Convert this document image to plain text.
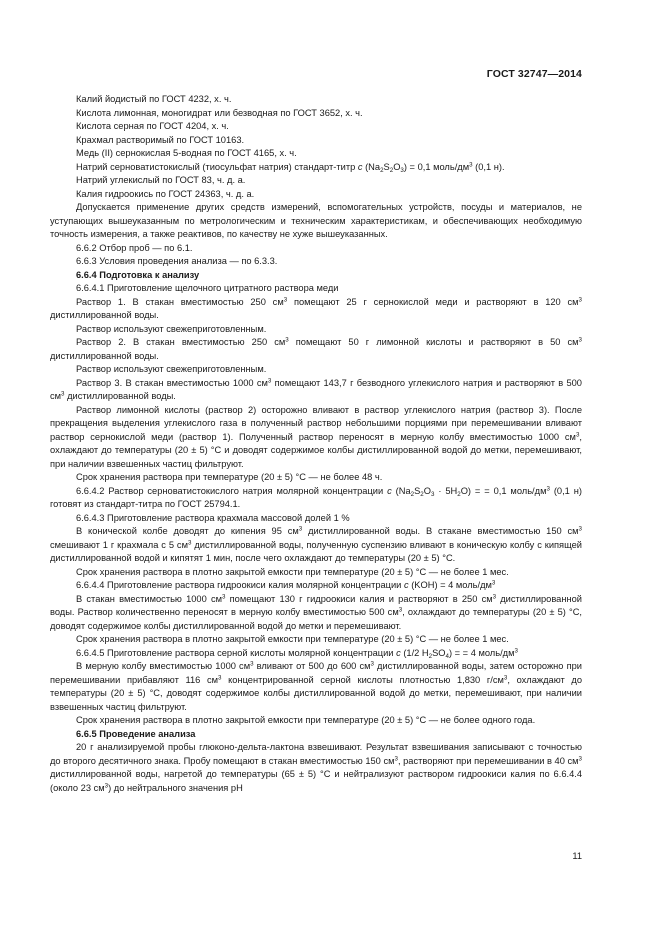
ГОСТ 32747—2014

Калий йодистый по ГОСТ 4232, х. ч.

Кислота лимонная, моногидрат или безводная по ГОСТ 3652, х. ч.

Кислота серная по ГОСТ 4204, х. ч.

Крахмал растворимый по ГОСТ 10163.

Медь (II) сернокислая 5-водная по ГОСТ 4165, х. ч.

Натрий серноватистокислый (тиосульфат натрия) стандарт-титр c $(Na_2S_2O_3) = 0,1$ моль/$дм^3$ (0,1 н).

Натрий углекислый по ГОСТ 83, ч. д. а.

Калия гидроокись по ГОСТ 24363, ч. д. а.

Допускается применение других средств измерений, вспомогательных устройств, посуды и материалов, не уступающих вышеуказанным по метрологическим и техническим характеристикам, и обеспечивающих необходимую точность измерения, а также реактивов, по качеству не хуже вышеуказанных.

6.6.2 Отбор проб — по 6.1.

6.6.3 Условия проведения анализа — по 6.3.3.

6.6.4 Подготовка к анализу

6.6.4.1 Приготовление щелочного цитратного раствора меди

Раствор 1. В стакан вместимостью 250 $см^3$ помещают 25 г сернокислой меди и растворяют в 120 $см^3$ дистиллированной воды.

Раствор используют свежеприготовленным.

Раствор 2. В стакан вместимостью 250 $см^3$ помещают 50 г лимонной кислоты и растворяют в 50 $см^3$ дистиллированной воды.

Раствор используют свежеприготовленным.

Раствор 3. В стакан вместимостью 1000 $см^3$ помещают 143,7 г безводного углекислого натрия и растворяют в 500 $см^3$ дистиллированной воды.

Раствор лимонной кислоты (раствор 2) осторожно вливают в раствор углекислого натрия (раствор 3). После прекращения выделения углекислого газа в полученный раствор небольшими порциями при перемешивании вливают раствор сернокислой меди (раствор 1). Полученный раствор переносят в мерную колбу вместимостью 1000 $см^3$, охлаждают до температуры (20 ± 5) °С и доводят содержимое колбы дистиллированной водой до метки, перемешивают, при наличии взвешенных частиц фильтруют.

Срок хранения раствора при температуре (20 ± 5) °С — не более 48 ч.

6.6.4.2 Раствор серноватистокислого натрия молярной концентрации c $(Na_2S_2O_3 \cdot 5H_2O)$ = = 0,1 моль/$дм^3$ (0,1 н) готовят из стандарт-титра по ГОСТ 25794.1.

6.6.4.3 Приготовление раствора крахмала массовой долей 1 %

В конической колбе доводят до кипения 95 $см^3$ дистиллированной воды. В стакане вместимостью 150 $см^3$ смешивают 1 г крахмала с 5 $см^3$ дистиллированной воды, полученную суспензию вливают в коническую колбу с кипящей дистиллированной водой и кипятят 1 мин, после чего охлаждают до температуры (20 ± 5) °С.

Срок хранения раствора в плотно закрытой емкости при температуре (20 ± 5) °С — не более 1 мес.

6.6.4.4 Приготовление раствора гидроокиси калия молярной концентрации c (KOH) = 4 моль/$дм^3$

В стакан вместимостью 1000 $см^3$ помещают 130 г гидроокиси калия и растворяют в 250 $см^3$ дистиллированной воды. Раствор количественно переносят в мерную колбу вместимостью 500 $см^3$, охлаждают до температуры (20 ± 5) °С, доводят содержимое колбы дистиллированной водой до метки и перемешивают.

Срок хранения раствора в плотно закрытой емкости при температуре (20 ± 5) °С — не более 1 мес.

6.6.4.5 Приготовление раствора серной кислоты молярной концентрации c (1/2 $H_2SO_4$) = = 4 моль/$дм^3$

В мерную колбу вместимостью 1000 $см^3$ вливают от 500 до 600 $см^3$ дистиллированной воды, затем осторожно при перемешивании прибавляют 116 $см^3$ концентрированной серной кислоты плотностью 1,830 $г/см^3$, охлаждают до температуры (20 ± 5) °С, доводят содержимое колбы дистиллированной водой до метки, перемешивают, при наличии взвешенных частиц фильтруют.

Срок хранения раствора в плотно закрытой емкости при температуре (20 ± 5) °С — не более одного года.

6.6.5 Проведение анализа

20 г анализируемой пробы глюконо-дельта-лактона взвешивают. Результат взвешивания записывают с точностью до второго десятичного знака. Пробу помещают в стакан вместимостью 150 $см^3$, растворяют при перемешивании в 40 $см^3$ дистиллированной воды, нагретой до температуры (65 ± 5) °С и нейтрализуют раствором гидроокиси калия по 6.6.4.4 (около 23 $см^3$) до нейтрального значения pH

11
